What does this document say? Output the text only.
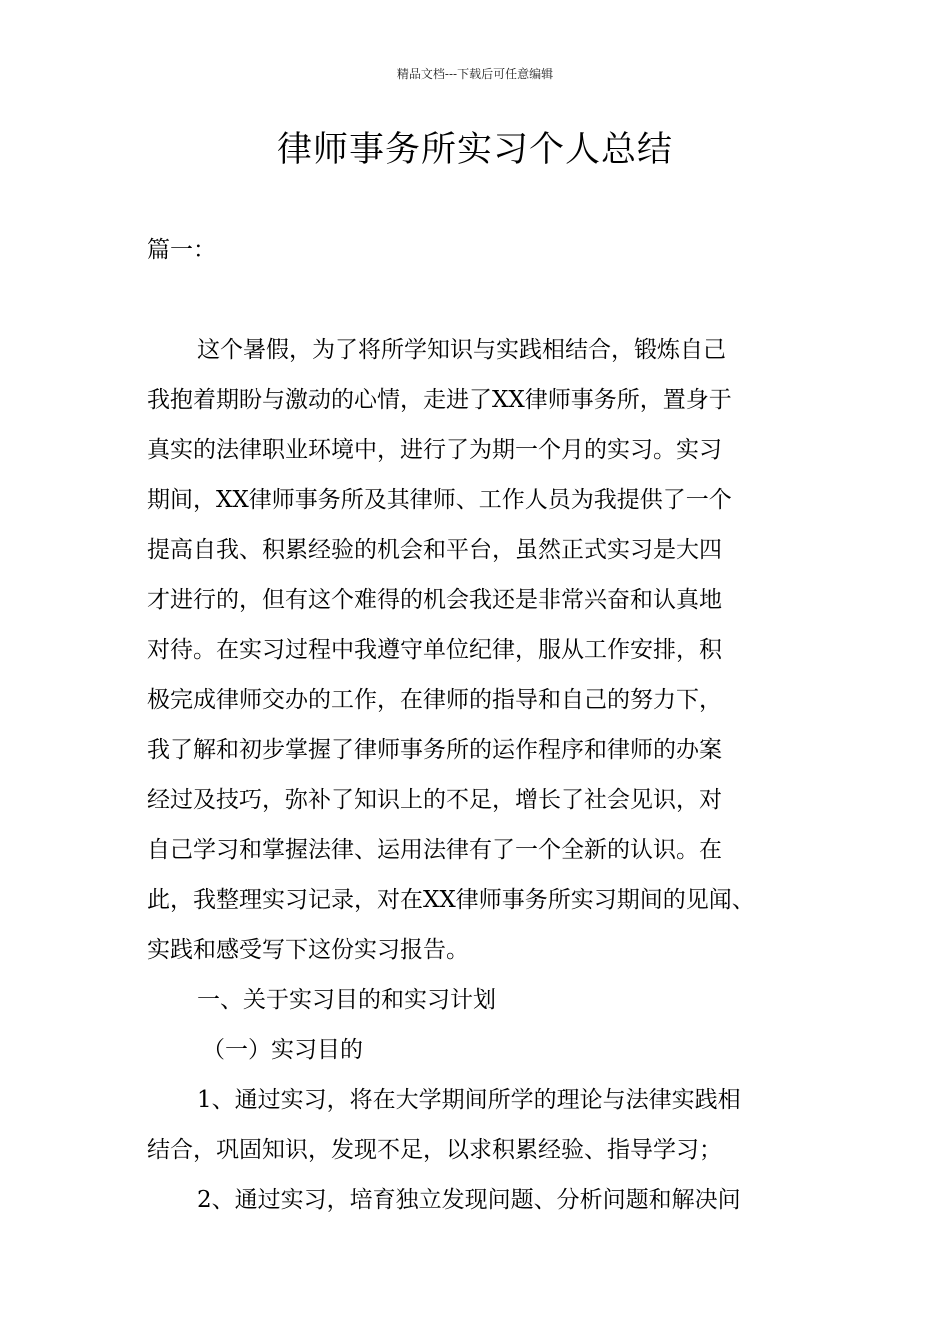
精品文档---下载后可任意编辑
律师事务所实习个人总结
篇一：
这个暑假，为了将所学知识与实践相结合，锻炼自己
我抱着期盼与激动的心情，走进了XX律师事务所，置身于
真实的法律职业环境中，进行了为期一个月的实习。实习
期间，XX律师事务所及其律师、工作人员为我提供了一个
提高自我、积累经验的机会和平台，虽然正式实习是大四
才进行的，但有这个难得的机会我还是非常兴奋和认真地
对待。在实习过程中我遵守单位纪律，服从工作安排，积
极完成律师交办的工作，在律师的指导和自己的努力下，
我了解和初步掌握了律师事务所的运作程序和律师的办案
经过及技巧，弥补了知识上的不足，增长了社会见识，对
自己学习和掌握法律、运用法律有了一个全新的认识。在
此，我整理实习记录，对在XX律师事务所实习期间的见闻、
实践和感受写下这份实习报告。
一、关于实习目的和实习计划
（一）实习目的
1、通过实习，将在大学期间所学的理论与法律实践相
结合，巩固知识，发现不足，以求积累经验、指导学习；
2、通过实习，培育独立发现问题、分析问题和解决问
